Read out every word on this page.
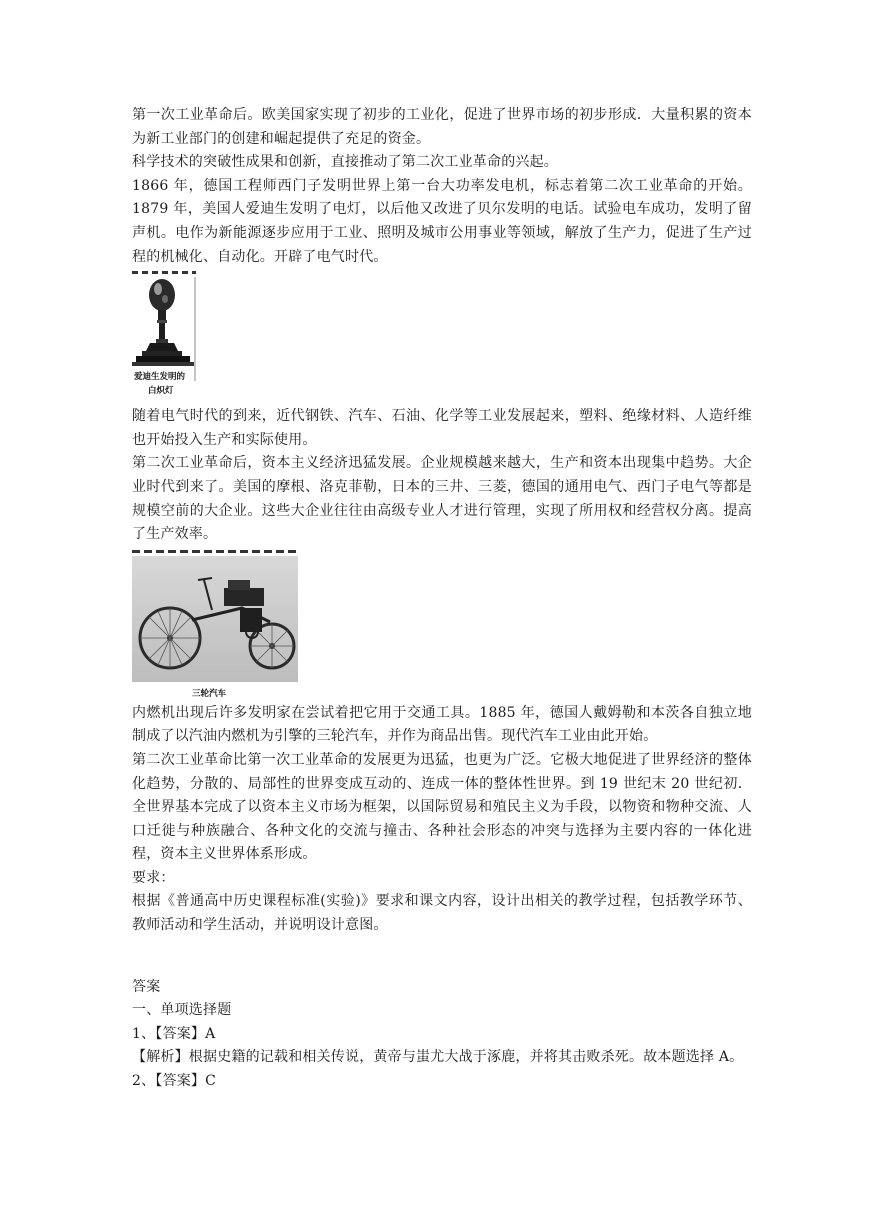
第一次工业革命后。欧美国家实现了初步的工业化，促进了世界市场的初步形成．大量积累的资本为新工业部门的创建和崛起提供了充足的资金。

科学技术的突破性成果和创新，直接推动了第二次工业革命的兴起。

1866 年，德国工程师西门子发明世界上第一台大功率发电机，标志着第二次工业革命的开始。1879 年，美国人爱迪生发明了电灯，以后他又改进了贝尔发明的电话。试验电车成功，发明了留声机。电作为新能源逐步应用于工业、照明及城市公用事业等领域，解放了生产力，促进了生产过程的机械化、自动化。开辟了电气时代。

爱迪生发明的
白炽灯

随着电气时代的到来，近代钢铁、汽车、石油、化学等工业发展起来，塑料、绝缘材料、人造纤维也开始投入生产和实际使用。

第二次工业革命后，资本主义经济迅猛发展。企业规模越来越大，生产和资本出现集中趋势。大企业时代到来了。美国的摩根、洛克菲勒，日本的三井、三菱，德国的通用电气、西门子电气等都是规模空前的大企业。这些大企业往往由高级专业人才进行管理，实现了所用权和经营权分离。提高了生产效率。

三轮汽车

内燃机出现后许多发明家在尝试着把它用于交通工具。1885 年，德国人戴姆勒和本茨各自独立地制成了以汽油内燃机为引擎的三轮汽车，并作为商品出售。现代汽车工业由此开始。

第二次工业革命比第一次工业革命的发展更为迅猛，也更为广泛。它极大地促进了世界经济的整体化趋势，分散的、局部性的世界变成互动的、连成一体的整体性世界。到 19 世纪末 20 世纪初．全世界基本完成了以资本主义市场为框架，以国际贸易和殖民主义为手段，以物资和物种交流、人口迁徙与种族融合、各种文化的交流与撞击、各种社会形态的冲突与选择为主要内容的一体化进程，资本主义世界体系形成。

要求：

根据《普通高中历史课程标准(实验)》要求和课文内容，设计出相关的教学过程，包括教学环节、教师活动和学生活动，并说明设计意图。

答案

一、单项选择题

1、【答案】A

【解析】根据史籍的记载和相关传说，黄帝与蚩尤大战于涿鹿，并将其击败杀死。故本题选择 A。

2、【答案】C
